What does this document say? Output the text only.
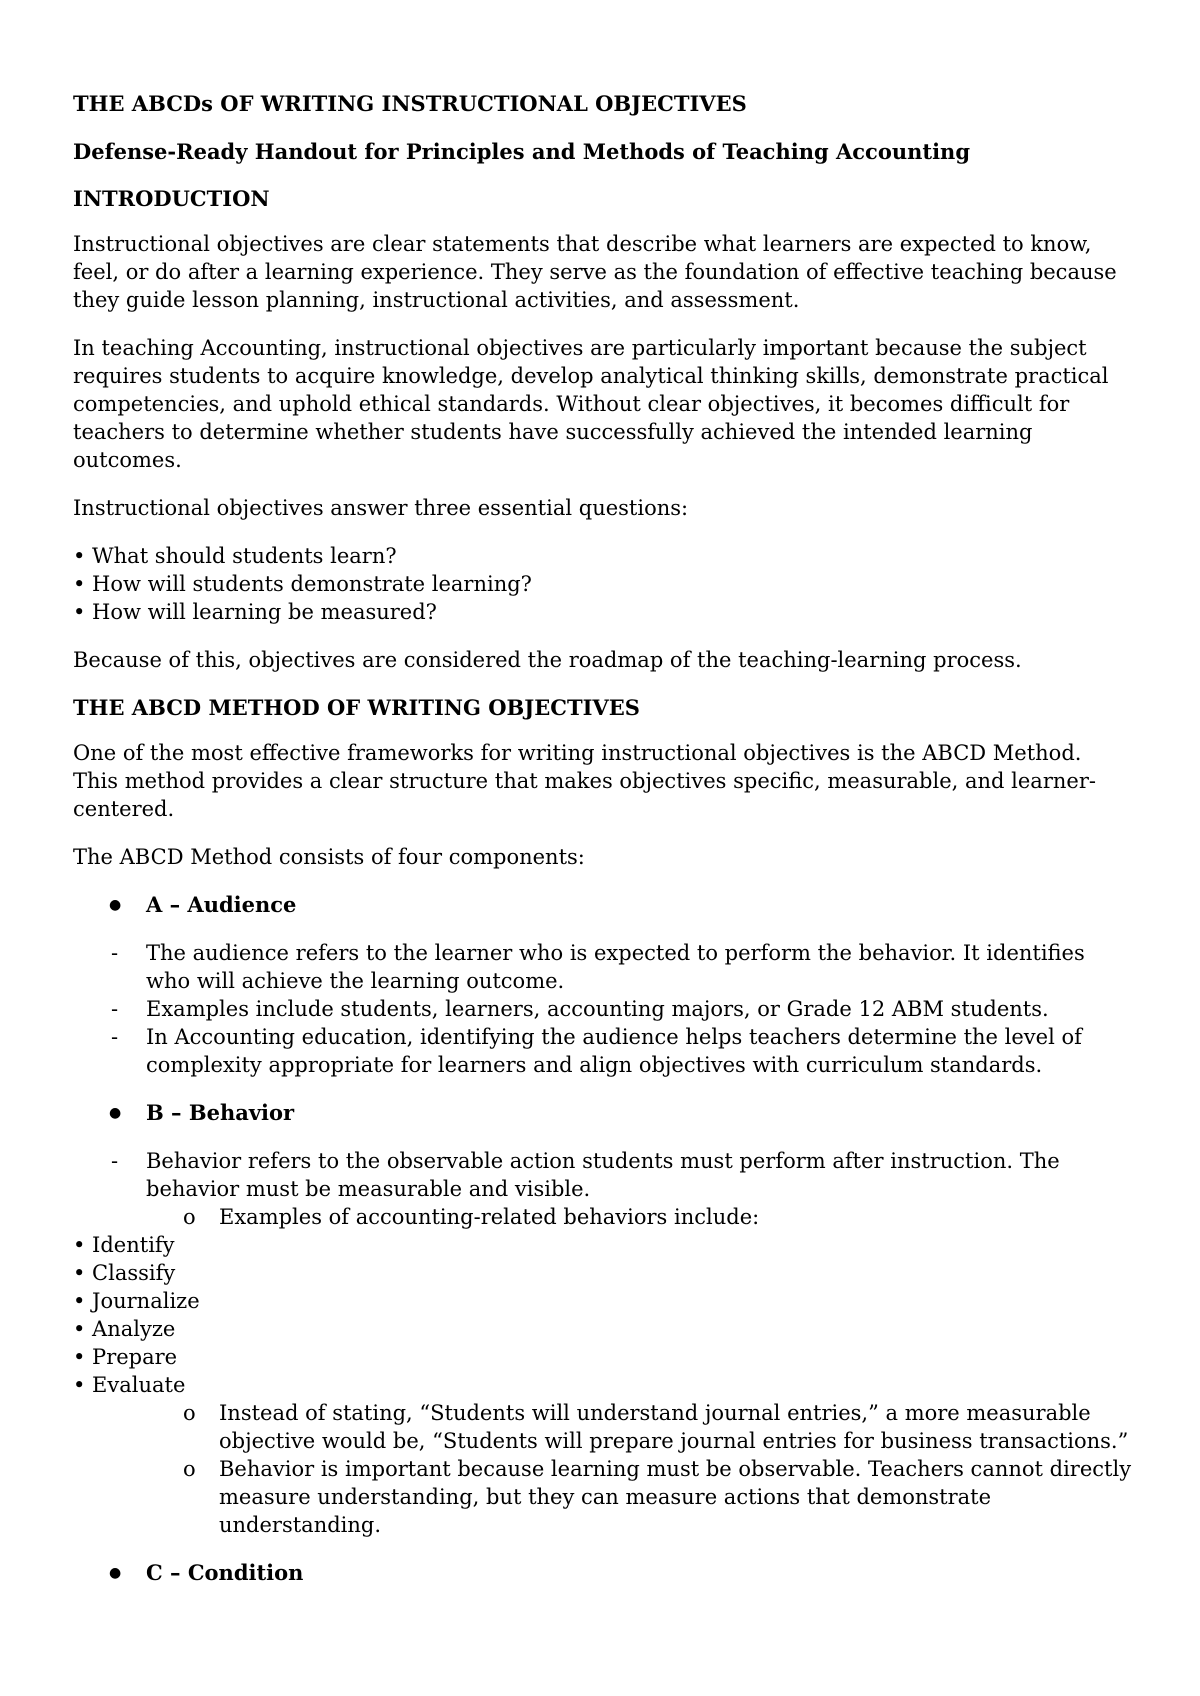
THE ABCDs OF WRITING INSTRUCTIONAL OBJECTIVES

Defense-Ready Handout for Principles and Methods of Teaching Accounting

INTRODUCTION

Instructional objectives are clear statements that describe what learners are expected to know, feel, or do after a learning experience. They serve as the foundation of effective teaching because they guide lesson planning, instructional activities, and assessment.

In teaching Accounting, instructional objectives are particularly important because the subject requires students to acquire knowledge, develop analytical thinking skills, demonstrate practical competencies, and uphold ethical standards. Without clear objectives, it becomes difficult for teachers to determine whether students have successfully achieved the intended learning outcomes.

Instructional objectives answer three essential questions:

• What should students learn?
• How will students demonstrate learning?
• How will learning be measured?

Because of this, objectives are considered the roadmap of the teaching-learning process.

THE ABCD METHOD OF WRITING OBJECTIVES

One of the most effective frameworks for writing instructional objectives is the ABCD Method. This method provides a clear structure that makes objectives specific, measurable, and learner-centered.

The ABCD Method consists of four components:

● A – Audience
- The audience refers to the learner who is expected to perform the behavior. It identifies who will achieve the learning outcome.
- Examples include students, learners, accounting majors, or Grade 12 ABM students.
- In Accounting education, identifying the audience helps teachers determine the level of complexity appropriate for learners and align objectives with curriculum standards.
● B – Behavior
- Behavior refers to the observable action students must perform after instruction. The behavior must be measurable and visible.
o Examples of accounting-related behaviors include:
• Identify
• Classify
• Journalize
• Analyze
• Prepare
• Evaluate
o Instead of stating, “Students will understand journal entries,” a more measurable objective would be, “Students will prepare journal entries for business transactions.”
o Behavior is important because learning must be observable. Teachers cannot directly measure understanding, but they can measure actions that demonstrate understanding.
● C – Condition
